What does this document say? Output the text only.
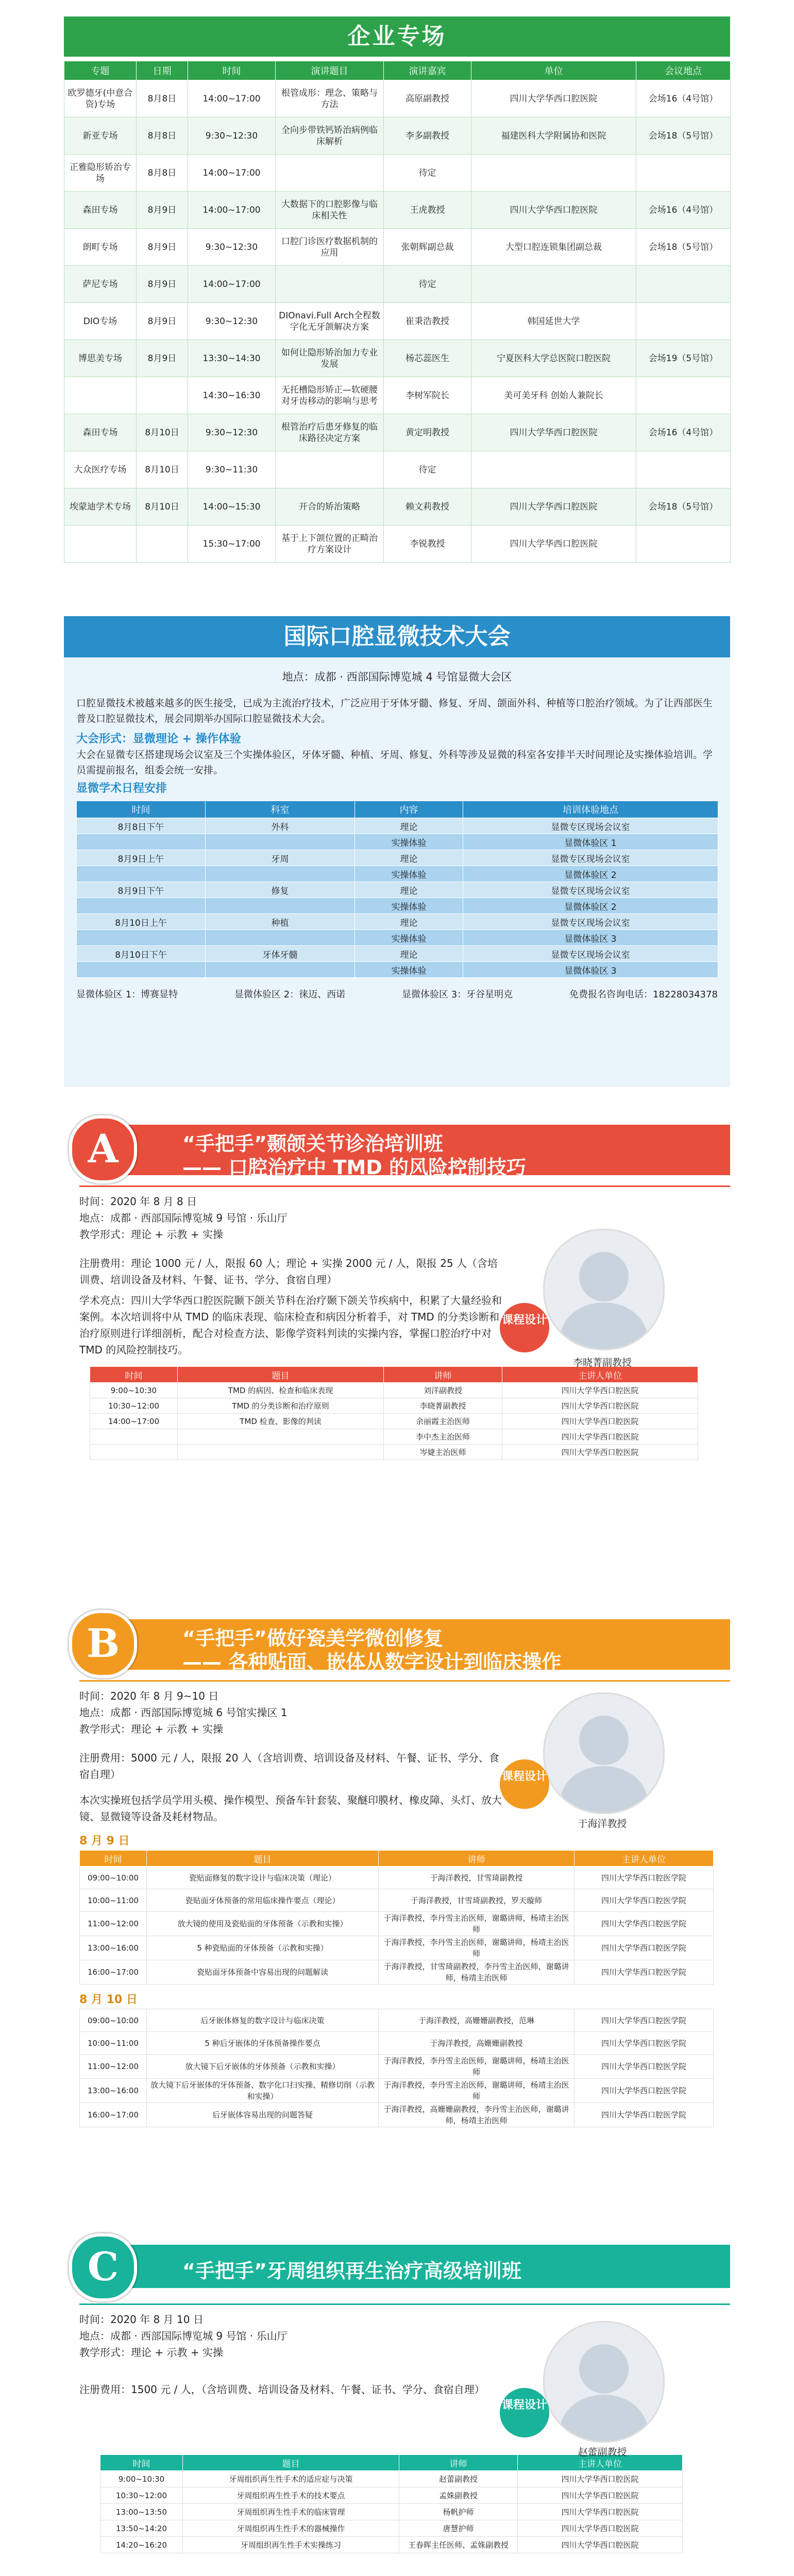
企业专场
专题	日期	时间	演讲题目	演讲嘉宾	单位	会议地点
欧罗德牙(中意合资)专场	8月8日	14:00~17:00	根管成形：理念、策略与方法	高原副教授	四川大学华西口腔医院	会场16（4号馆）
新亚专场	8月8日	9:30~12:30	全向步带铁钙矫治病例临床解析	李多副教授	福建医科大学附属协和医院	会场18（5号馆）
正雅隐形矫治专场	8月8日	14:00~17:00		待定		
森田专场	8月9日	14:00~17:00	大数据下的口腔影像与临床相关性	王虎教授	四川大学华西口腔医院	会场16（4号馆）
朗町专场	8月9日	9:30~12:30	口腔门诊医疗数据机制的应用	张朝辉副总裁	大型口腔连锁集团副总裁	会场18（5号馆）
萨尼专场	8月9日	14:00~17:00		待定		
DIO专场	8月9日	9:30~12:30	DIOnavi.Full Arch全程数字化无牙颌解决方案	崔秉浩教授	韩国延世大学	
博思美专场	8月9日	13:30~14:30	如何让隐形矫治加力专业发展	杨芯蕊医生	宁夏医科大学总医院口腔医院	会场19（5号馆）
		14:30~16:30	无托槽隐形矫正—软硬腰对牙齿移动的影响与思考	李树军院长	美可美牙科 创始人兼院长	
森田专场	8月10日	9:30~12:30	根管治疗后患牙修复的临床路径决定方案	黄定明教授	四川大学华西口腔医院	会场16（4号馆）
大众医疗专场	8月10日	9:30~11:30		待定		
埃蒙迪学术专场	8月10日	14:00~15:30	开合的矫治策略	赖文莉教授	四川大学华西口腔医院	会场18（5号馆）
		15:30~17:00	基于上下颌位置的正畸治疗方案设计	李锐教授	四川大学华西口腔医院	
国际口腔显微技术大会
地点：成都 · 西部国际博览城 4 号馆显微大会区
口腔显微技术被越来越多的医生接受，已成为主流治疗技术，广泛应用于牙体牙髓、修复、牙周、颌面外科、种植等口腔治疗领域。为了让西部医生普及口腔显微技术，展会同期举办国际口腔显微技术大会。
大会形式：显微理论 + 操作体验
大会在显微专区搭建现场会议室及三个实操体验区，牙体牙髓、种植、牙周、修复、外科等涉及显微的科室各安排半天时间理论及实操体验培训。学员需提前报名，组委会统一安排。
显微学术日程安排
时间	科室	内容	培训体验地点
8月8日下午	外科	理论	显微专区现场会议室
		实操体验	显微体验区 1
8月9日上午	牙周	理论	显微专区现场会议室
		实操体验	显微体验区 2
8月9日下午	修复	理论	显微专区现场会议室
		实操体验	显微体验区 2
8月10日上午	种植	理论	显微专区现场会议室
		实操体验	显微体验区 3
8月10日下午	牙体牙髓	理论	显微专区现场会议室
		实操体验	显微体验区 3
显微体验区 1：博赛显特	显微体验区 2：徕迈、西诺	显微体验区 3：牙谷星明克	免费报名咨询电话：18228034378
A	“手把手”颞颌关节诊治培训班
—— 口腔治疗中 TMD 的风险控制技巧
时间：2020 年 8 月 8 日
地点：成都 · 西部国际博览城 9 号馆 · 乐山厅
教学形式：理论 + 示教 + 实操
注册费用：理论 1000 元 / 人，限报 60 人；理论 + 实操 2000 元 / 人，限报 25 人（含培训费、培训设备及材料、午餐、证书、学分、食宿自理）
学术亮点：四川大学华西口腔医院颞下颌关节科在治疗颞下颌关节疾病中，积累了大量经验和案例。本次培训将中从 TMD 的临床表现、临床检查和病因分析着手，对 TMD 的分类诊断和治疗原则进行详细剖析，配合对检查方法、影像学资料判读的实操内容，掌握口腔治疗中对 TMD 的风险控制技巧。
课程设计
李晓菁副教授
时间	题目	讲师	主讲人单位
9:00~10:30	TMD 的病因、检查和临床表现	刘洋副教授	四川大学华西口腔医院
10:30~12:00	TMD 的分类诊断和治疗原则	李晓菁副教授	四川大学华西口腔医院
14:00~17:00	TMD 检查、影像的判读	余丽霞主治医师	四川大学华西口腔医院
		李中杰主治医师	四川大学华西口腔医院
		岑婕主治医师	四川大学华西口腔医院
B	“手把手”做好瓷美学微创修复
—— 各种贴面、嵌体从数字设计到临床操作
时间：2020 年 8 月 9~10 日
地点：成都 · 西部国际博览城 6 号馆实操区 1
教学形式：理论 + 示教 + 实操
注册费用：5000 元 / 人，限报 20 人（含培训费、培训设备及材料、午餐、证书、学分、食宿自理）
本次实操班包括学员学用头模、操作模型、预备车针套装、聚醚印膜材、橡皮障、头灯、放大镜、显微镜等设备及耗材物品。
课程设计
于海洋教授
8 月 9 日
时间	题目	讲师	主讲人单位
09:00~10:00	瓷贴面修复的数字设计与临床决策（理论）	于海洋教授，甘雪琦副教授	四川大学华西口腔医学院
10:00~11:00	瓷贴面牙体预备的常用临床操作要点（理论）	于海洋教授，甘雪琦副教授，罗天璇师	四川大学华西口腔医学院
11:00~12:00	放大镜的使用及瓷贴面的牙体预备（示教和实操）	于海洋教授，李丹雪主治医师，谢璐讲师，杨靖主治医师	四川大学华西口腔医学院
13:00~16:00	5 种瓷贴面的牙体预备（示教和实操）	于海洋教授，李丹雪主治医师，谢璐讲师，杨靖主治医师	四川大学华西口腔医学院
16:00~17:00	瓷贴面牙体预备中容易出现的问题解读	于海洋教授，甘雪琦副教授，李丹雪主治医师，谢璐讲师，杨靖主治医师	四川大学华西口腔医学院
8 月 10 日
09:00~10:00	后牙嵌体修复的数字设计与临床决策	于海洋教授，高姗姗副教授，范琳	四川大学华西口腔医学院
10:00~11:00	5 种后牙嵌体的牙体预备操作要点	于海洋教授，高姗姗副教授	四川大学华西口腔医学院
11:00~12:00	放大镜下后牙嵌体的牙体预备（示教和实操）	于海洋教授，李丹雪主治医师，谢璐讲师，杨靖主治医师	四川大学华西口腔医学院
13:00~16:00	放大镜下后牙嵌体的牙体预备、数字化口扫实操、精修切削（示教和实操）	于海洋教授，李丹雪主治医师，谢璐讲师，杨靖主治医师	四川大学华西口腔医学院
16:00~17:00	后牙嵌体容易出现的问题答疑	于海洋教授，高姗姗副教授，李丹雪主治医师，谢璐讲师，杨靖主治医师	四川大学华西口腔医学院
C	“手把手”牙周组织再生治疗高级培训班
时间：2020 年 8 月 10 日
地点：成都 · 西部国际博览城 9 号馆 · 乐山厅
教学形式：理论 + 示教 + 实操
注册费用：1500 元 / 人，（含培训费、培训设备及材料、午餐、证书、学分、食宿自理）
课程设计
赵蕾副教授
时间	题目	讲师	主讲人单位
9:00~10:30	牙周组织再生性手术的适应症与决策	赵蕾副教授	四川大学华西口腔医院
10:30~12:00	牙周组织再生性手术的技术要点	孟姝副教授	四川大学华西口腔医院
13:00~13:50	牙周组织再生性手术的临床管理	杨帆护师	四川大学华西口腔医院
13:50~14:20	牙周组织再生性手术的器械操作	唐慧护师	四川大学华西口腔医院
14:20~16:20	牙周组织再生性手术实操练习	王春晖主任医师、孟姝副教授	四川大学华西口腔医院
